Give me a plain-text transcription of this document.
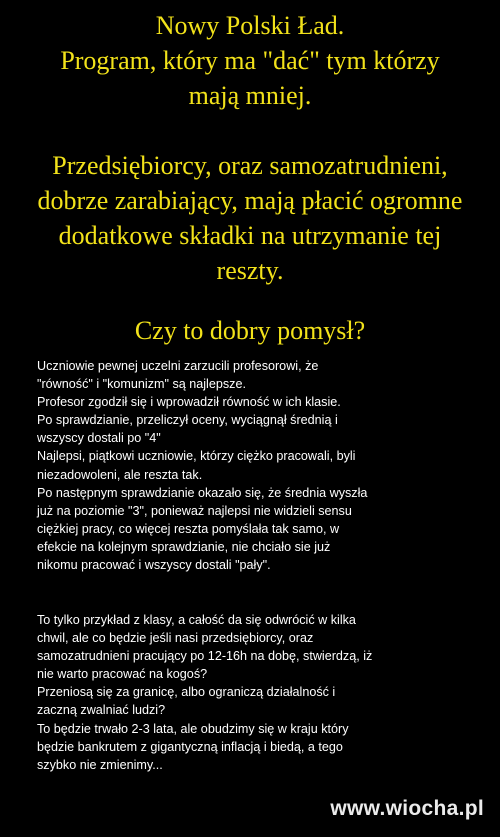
Nowy Polski Ład.
Program, który ma "dać" tym którzy
mają mniej.
Przedsiębiorcy, oraz samozatrudnieni,
dobrze zarabiający, mają płacić ogromne
dodatkowe składki na utrzymanie tej
reszty.
Czy to dobry pomysł?
Uczniowie pewnej uczelni zarzucili profesorowi, że
"równość" i "komunizm" są najlepsze.
Profesor zgodził się i wprowadził równość w ich klasie.
Po sprawdzianie, przeliczył oceny, wyciągnął średnią i
wszyscy dostali po "4"
Najlepsi, piątkowi uczniowie, którzy ciężko pracowali, byli
niezadowoleni, ale reszta tak.
Po następnym sprawdzianie okazało się, że średnia wyszła
już na poziomie "3", ponieważ najlepsi nie widzieli sensu
ciężkiej pracy, co więcej reszta pomyślała tak samo, w
efekcie na kolejnym sprawdzianie, nie chciało sie już
nikomu pracować i wszyscy dostali "pały".
To tylko przykład z klasy, a całość da się odwrócić w kilka
chwil, ale co będzie jeśli nasi przedsiębiorcy, oraz
samozatrudnieni pracujący po 12-16h na dobę, stwierdzą, iż
nie warto pracować na kogoś?
Przeniosą się za granicę, albo ograniczą działalność i
zaczną zwalniać ludzi?
To będzie trwało 2-3 lata, ale obudzimy się w kraju który
będzie bankrutem z gigantyczną inflacją i biedą, a tego
szybko nie zmienimy...
www.wiocha.pl
